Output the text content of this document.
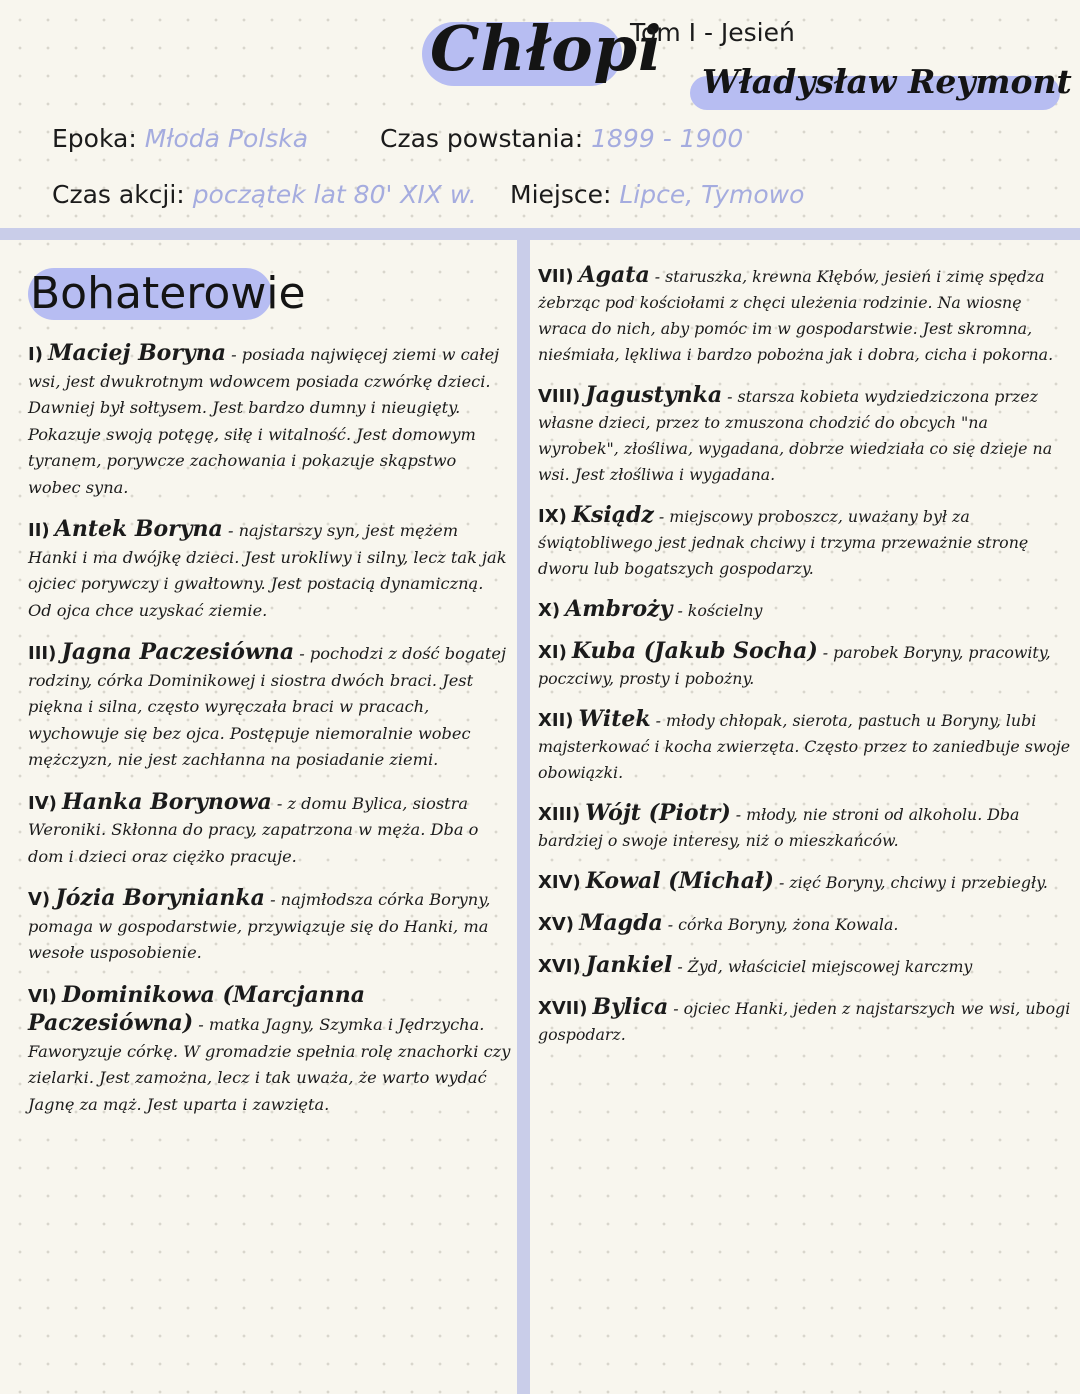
Chłopi
Tom I - Jesień
Władysław Reymont
Epoka: Młoda Polska	Czas powstania: 1899 - 1900
Czas akcji: początek lat 80' XIX w. Miejsce: Lipce, Tymowo
Bohaterowie
I) Maciej Boryna - posiada najwięcej ziemi w całej wsi, jest dwukrotnym wdowcem posiada czwórkę dzieci. Dawniej był sołtysem. Jest bardzo dumny i nieugięty. Pokazuje swoją potęgę, siłę i witalność. Jest domowym tyranem, porywcze zachowania i pokazuje skąpstwo wobec syna.
II) Antek Boryna - najstarszy syn, jest mężem Hanki i ma dwójkę dzieci. Jest urokliwy i silny, lecz tak jak ojciec porywczy i gwałtowny. Jest postacią dynamiczną. Od ojca chce uzyskać ziemie.
III) Jagna Paczesiówna - pochodzi z dość bogatej rodziny, córka Dominikowej i siostra dwóch braci. Jest piękna i silna, często wyręczała braci w pracach, wychowuje się bez ojca. Postępuje niemoralnie wobec mężczyzn, nie jest zachłanna na posiadanie ziemi.
IV) Hanka Borynowa - z domu Bylica, siostra Weroniki. Skłonna do pracy, zapatrzona w męża. Dba o dom i dzieci oraz ciężko pracuje.
V) Józia Borynianka - najmłodsza córka Boryny, pomaga w gospodarstwie, przywiązuje się do Hanki, ma wesołe usposobienie.
VI) Dominikowa (Marcjanna Paczesiówna) - matka Jagny, Szymka i Jędrzycha. Faworyzuje córkę. W gromadzie spełnia rolę znachorki czy zielarki. Jest zamożna, lecz i tak uważa, że warto wydać Jagnę za mąż. Jest uparta i zawzięta.
VII) Agata - staruszka, krewna Kłębów, jesień i zimę spędza żebrząc pod kościołami z chęci uleżenia rodzinie. Na wiosnę wraca do nich, aby pomóc im w gospodarstwie. Jest skromna, nieśmiała, lękliwa i bardzo pobożna jak i dobra, cicha i pokorna.
VIII) Jagustynka - starsza kobieta wydziedziczona przez własne dzieci, przez to zmuszona chodzić do obcych "na wyrobek", złośliwa, wygadana, dobrze wiedziała co się dzieje na wsi. Jest złośliwa i wygadana.
IX) Ksiądz - miejscowy proboszcz, uważany był za świątobliwego jest jednak chciwy i trzyma przeważnie stronę dworu lub bogatszych gospodarzy.
X) Ambroży - kościelny
XI) Kuba (Jakub Socha) - parobek Boryny, pracowity, poczciwy, prosty i pobożny.
XII) Witek - młody chłopak, sierota, pastuch u Boryny, lubi majsterkować i kocha zwierzęta. Często przez to zaniedbuje swoje obowiązki.
XIII) Wójt (Piotr) - młody, nie stroni od alkoholu. Dba bardziej o swoje interesy, niż o mieszkańców.
XIV) Kowal (Michał) - zięć Boryny, chciwy i przebiegły.
XV) Magda - córka Boryny, żona Kowala.
XVI) Jankiel - Żyd, właściciel miejscowej karczmy
XVII) Bylica - ojciec Hanki, jeden z najstarszych we wsi, ubogi gospodarz.
